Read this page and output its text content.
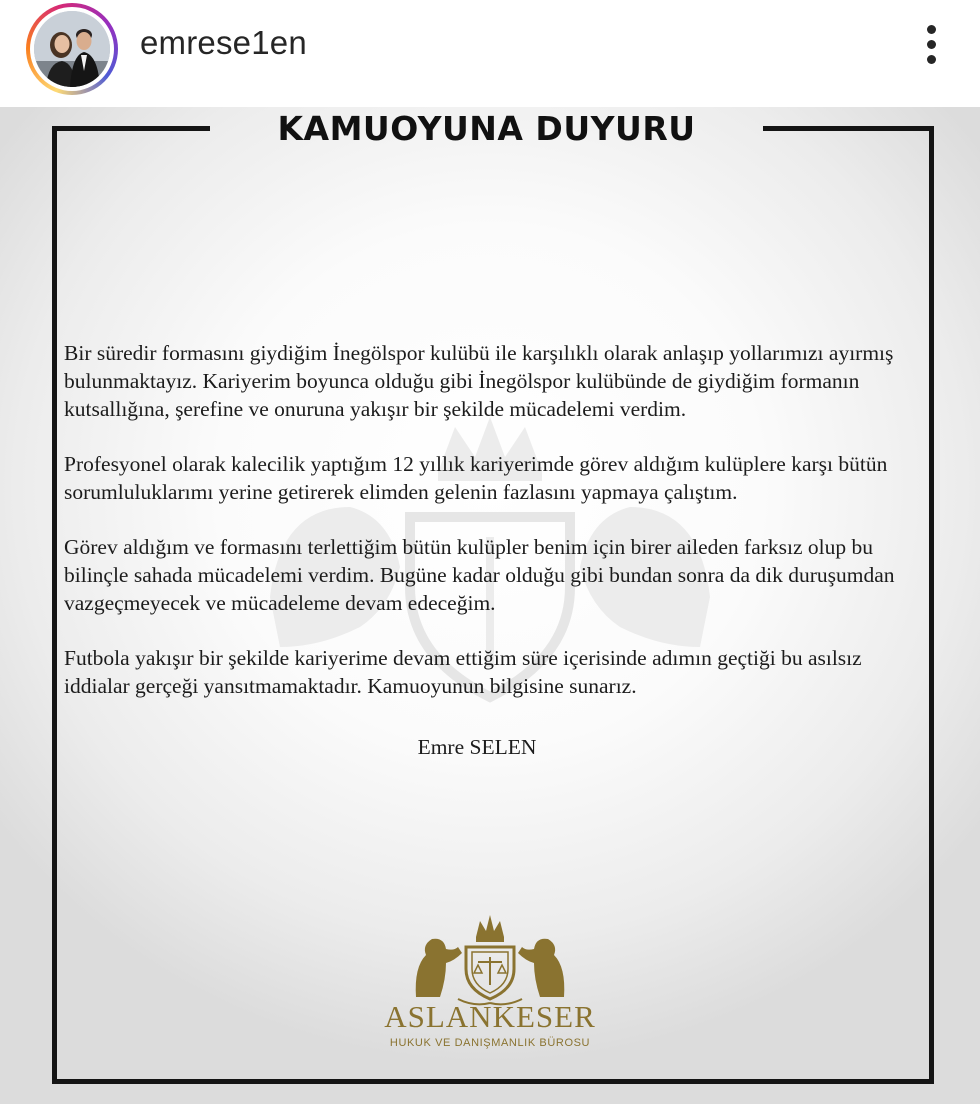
emrese1en
KAMUOYUNA DUYURU

Bir süredir formasını giydiğim İnegölspor kulübü ile karşılıklı olarak anlaşıp yollarımızı ayırmış bulunmaktayız. Kariyerim boyunca olduğu gibi İnegölspor kulübünde de giydiğim formanın kutsallığına, şerefine ve onuruna yakışır bir şekilde mücadelemi verdim.

Profesyonel olarak kalecilik yaptığım 12 yıllık kariyerimde görev aldığım kulüplere karşı bütün sorumluluklarımı yerine getirerek elimden gelenin fazlasını yapmaya çalıştım.

Görev aldığım ve formasını terlettiğim bütün kulüpler benim için birer aileden farksız olup bu bilinçle sahada mücadelemi verdim. Bugüne kadar olduğu gibi bundan sonra da dik duruşumdan vazgeçmeyecek ve mücadeleme devam edeceğim.

Futbola yakışır bir şekilde kariyerime devam ettiğim süre içerisinde adımın geçtiği bu asılsız iddialar gerçeği yansıtmamaktadır. Kamuoyunun bilgisine sunarız.

Emre SELEN
ASLANKESER
HUKUK VE DANIŞMANLIK BÜROSU
